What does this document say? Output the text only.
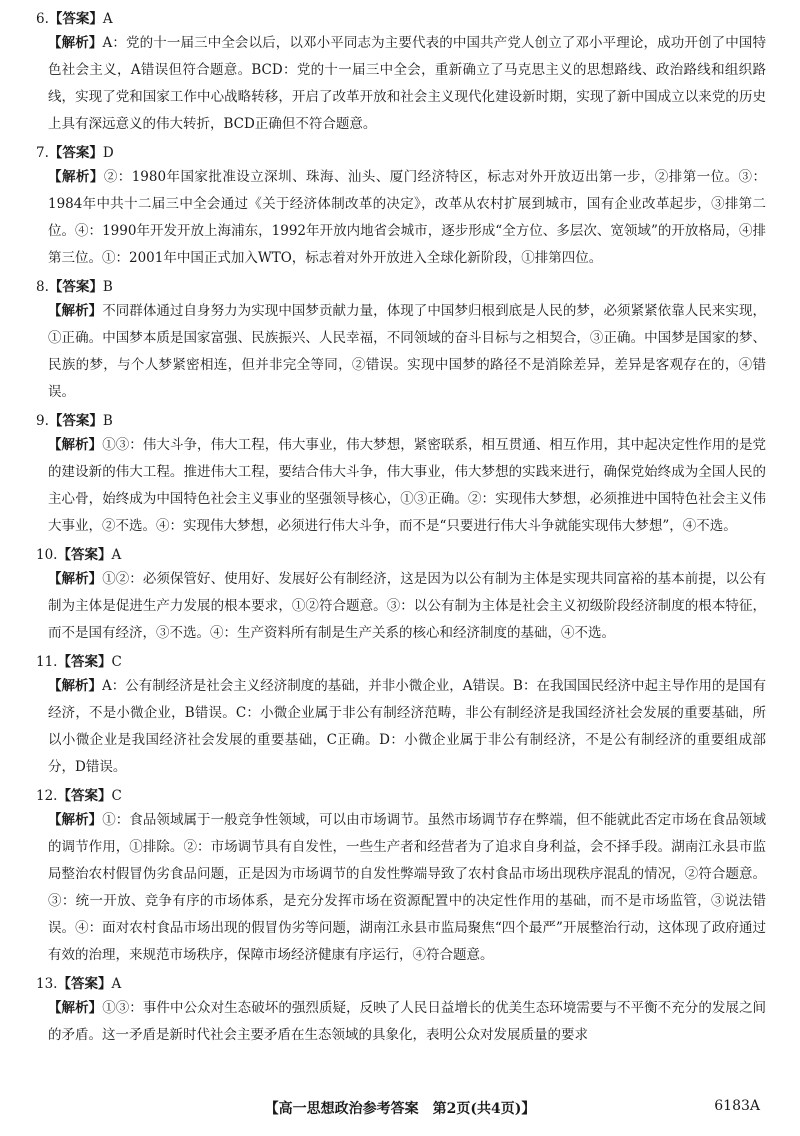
6.【答案】A
【解析】A：党的十一届三中全会以后，以邓小平同志为主要代表的中国共产党人创立了邓小平理论，成功开创了中国特色社会主义，A错误但符合题意。BCD：党的十一届三中全会，重新确立了马克思主义的思想路线、政治路线和组织路线，实现了党和国家工作中心战略转移，开启了改革开放和社会主义现代化建设新时期，实现了新中国成立以来党的历史上具有深远意义的伟大转折，BCD正确但不符合题意。
7.【答案】D
【解析】②：1980年国家批准设立深圳、珠海、汕头、厦门经济特区，标志对外开放迈出第一步，②排第一位。③：1984年中共十二届三中全会通过《关于经济体制改革的决定》，改革从农村扩展到城市，国有企业改革起步，③排第二位。④：1990年开发开放上海浦东，1992年开放内地省会城市，逐步形成“全方位、多层次、宽领域”的开放格局，④排第三位。①：2001年中国正式加入WTO，标志着对外开放进入全球化新阶段，①排第四位。
8.【答案】B
【解析】不同群体通过自身努力为实现中国梦贡献力量，体现了中国梦归根到底是人民的梦，必须紧紧依靠人民来实现，①正确。中国梦本质是国家富强、民族振兴、人民幸福，不同领域的奋斗目标与之相契合，③正确。中国梦是国家的梦、民族的梦，与个人梦紧密相连，但并非完全等同，②错误。实现中国梦的路径不是消除差异，差异是客观存在的，④错误。
9.【答案】B
【解析】①③：伟大斗争，伟大工程，伟大事业，伟大梦想，紧密联系，相互贯通、相互作用，其中起决定性作用的是党的建设新的伟大工程。推进伟大工程，要结合伟大斗争，伟大事业，伟大梦想的实践来进行，确保党始终成为全国人民的主心骨，始终成为中国特色社会主义事业的坚强领导核心，①③正确。②：实现伟大梦想，必须推进中国特色社会主义伟大事业，②不选。④：实现伟大梦想，必须进行伟大斗争，而不是“只要进行伟大斗争就能实现伟大梦想”，④不选。
10.【答案】A
【解析】①②：必须保管好、使用好、发展好公有制经济，这是因为以公有制为主体是实现共同富裕的基本前提，以公有制为主体是促进生产力发展的根本要求，①②符合题意。③：以公有制为主体是社会主义初级阶段经济制度的根本特征，而不是国有经济，③不选。④：生产资料所有制是生产关系的核心和经济制度的基础，④不选。
11.【答案】C
【解析】A：公有制经济是社会主义经济制度的基础，并非小微企业，A错误。B：在我国国民经济中起主导作用的是国有经济，不是小微企业，B错误。C：小微企业属于非公有制经济范畴，非公有制经济是我国经济社会发展的重要基础，所以小微企业是我国经济社会发展的重要基础，C正确。D：小微企业属于非公有制经济，不是公有制经济的重要组成部分，D错误。
12.【答案】C
【解析】①：食品领域属于一般竞争性领域，可以由市场调节。虽然市场调节存在弊端，但不能就此否定市场在食品领域的调节作用，①排除。②：市场调节具有自发性，一些生产者和经营者为了追求自身利益，会不择手段。湖南江永县市监局整治农村假冒伪劣食品问题，正是因为市场调节的自发性弊端导致了农村食品市场出现秩序混乱的情况，②符合题意。③：统一开放、竞争有序的市场体系，是充分发挥市场在资源配置中的决定性作用的基础，而不是市场监管，③说法错误。④：面对农村食品市场出现的假冒伪劣等问题，湖南江永县市监局聚焦“四个最严”开展整治行动，这体现了政府通过有效的治理，来规范市场秩序，保障市场经济健康有序运行，④符合题意。
13.【答案】A
【解析】①③：事件中公众对生态破坏的强烈质疑，反映了人民日益增长的优美生态环境需要与不平衡不充分的发展之间的矛盾。这一矛盾是新时代社会主要矛盾在生态领域的具象化，表明公众对发展质量的要求
【高一思想政治参考答案　第2页(共4页)】	6183A
